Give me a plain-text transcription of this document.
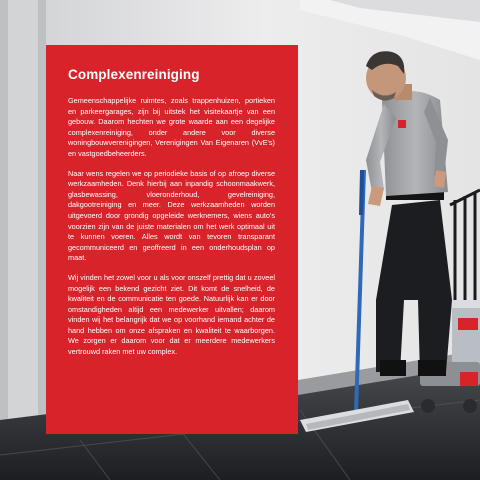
Complexenreiniging

Gemeenschappelijke ruimtes, zoals trappenhuizen, portieken en parkeergarages, zijn bij uitstek het visitekaartje van een gebouw. Daarom hechten we grote waarde aan een degelijke complexenreiniging, onder andere voor diverse woningbouwverenigingen, Verenigingen Van Eigenaren (VvE's) en vastgoedbeheerders.

Naar wens regelen we op periodieke basis of op afroep diverse werkzaamheden. Denk hierbij aan inpandig schoonmaakwerk, glasbewassing, vloeronderhoud, gevelreiniging, dakgootreiniging en meer. Deze werkzaamheden worden uitgevoerd door grondig opgeleide werknemers, wiens auto's voorzien zijn van de juiste materialen om het werk optimaal uit te kunnen voeren. Alles wordt van tevoren transparant gecommuniceerd en geoffreerd in een onderhoudsplan op maat.

Wij vinden het zowel voor u als voor onszelf prettig dat u zoveel mogelijk een bekend gezicht ziet. Dit komt de snelheid, de kwaliteit en de communicatie ten goede. Natuurlijk kan er door omstandigheden altijd een medewerker uitvallen; daarom vinden wij het belangrijk dat we op voorhand iemand achter de hand hebben om onze afspraken en kwaliteit te waarborgen. We zorgen er daarom voor dat er meerdere medewerkers vertrouwd raken met uw complex.
